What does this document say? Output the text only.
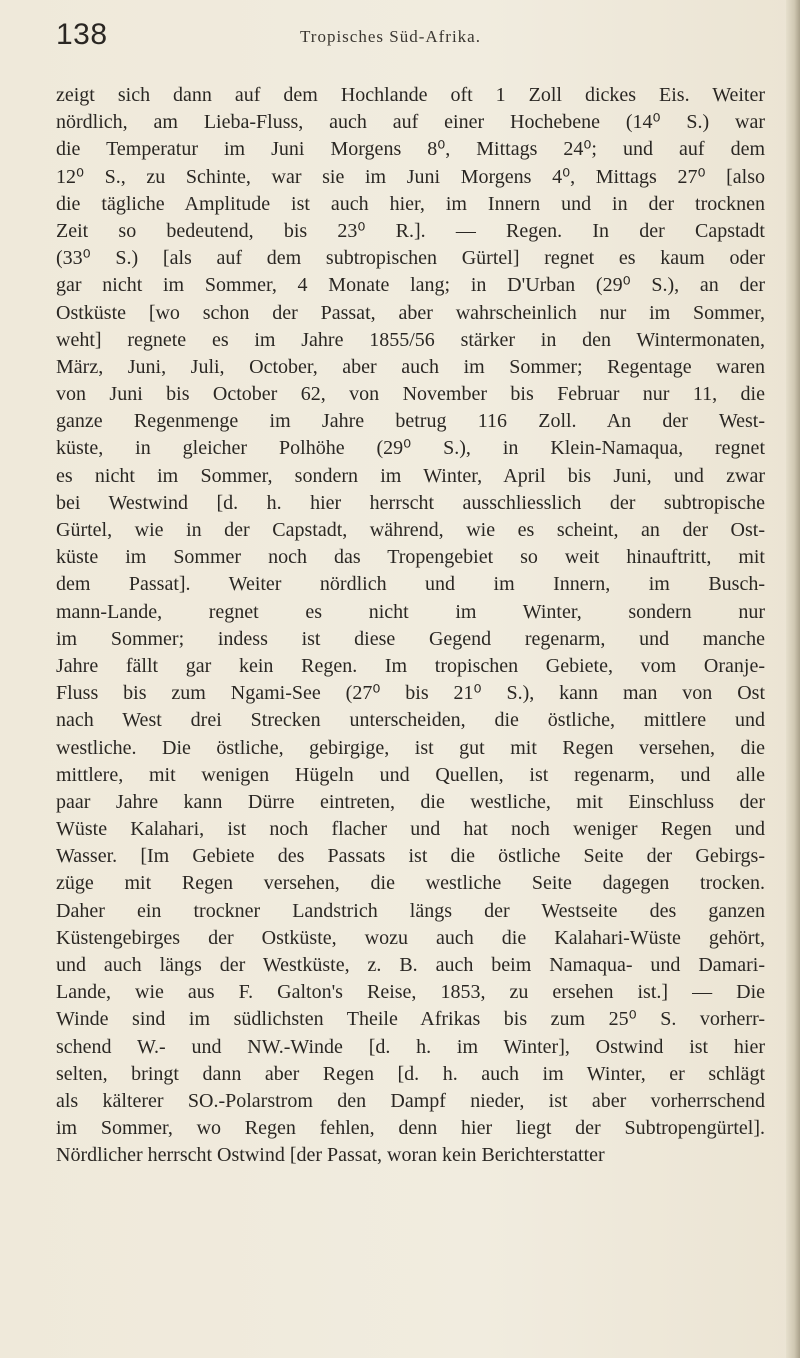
138	Tropisches Süd-Afrika.
zeigt sich dann auf dem Hochlande oft 1 Zoll dickes Eis. Weiter
nördlich, am Lieba-Fluss, auch auf einer Hochebene (14⁰ S.) war
die Temperatur im Juni Morgens 8⁰, Mittags 24⁰; und auf dem
12⁰ S., zu Schinte, war sie im Juni Morgens 4⁰, Mittags 27⁰ [also
die tägliche Amplitude ist auch hier, im Innern und in der trocknen
Zeit so bedeutend, bis 23⁰ R.]. — Regen. In der Capstadt
(33⁰ S.) [als auf dem subtropischen Gürtel] regnet es kaum oder
gar nicht im Sommer, 4 Monate lang; in D'Urban (29⁰ S.), an der
Ostküste [wo schon der Passat, aber wahrscheinlich nur im Sommer,
weht] regnete es im Jahre 1855/56 stärker in den Wintermonaten,
März, Juni, Juli, October, aber auch im Sommer; Regentage waren
von Juni bis October 62, von November bis Februar nur 11, die
ganze Regenmenge im Jahre betrug 116 Zoll. An der West-
küste, in gleicher Polhöhe (29⁰ S.), in Klein-Namaqua, regnet
es nicht im Sommer, sondern im Winter, April bis Juni, und zwar
bei Westwind [d. h. hier herrscht ausschliesslich der subtropische
Gürtel, wie in der Capstadt, während, wie es scheint, an der Ost-
küste im Sommer noch das Tropengebiet so weit hinauftritt, mit
dem Passat]. Weiter nördlich und im Innern, im Busch-
mann-Lande, regnet es nicht im Winter, sondern nur
im Sommer; indess ist diese Gegend regenarm, und manche
Jahre fällt gar kein Regen. Im tropischen Gebiete, vom Oranje-
Fluss bis zum Ngami-See (27⁰ bis 21⁰ S.), kann man von Ost
nach West drei Strecken unterscheiden, die östliche, mittlere und
westliche. Die östliche, gebirgige, ist gut mit Regen versehen, die
mittlere, mit wenigen Hügeln und Quellen, ist regenarm, und alle
paar Jahre kann Dürre eintreten, die westliche, mit Einschluss der
Wüste Kalahari, ist noch flacher und hat noch weniger Regen und
Wasser. [Im Gebiete des Passats ist die östliche Seite der Gebirgs-
züge mit Regen versehen, die westliche Seite dagegen trocken.
Daher ein trockner Landstrich längs der Westseite des ganzen
Küstengebirges der Ostküste, wozu auch die Kalahari-Wüste gehört,
und auch längs der Westküste, z. B. auch beim Namaqua- und Damari-
Lande, wie aus F. Galton's Reise, 1853, zu ersehen ist.] — Die
Winde sind im südlichsten Theile Afrikas bis zum 25⁰ S. vorherr-
schend W.- und NW.-Winde [d. h. im Winter], Ostwind ist hier
selten, bringt dann aber Regen [d. h. auch im Winter, er schlägt
als kälterer SO.-Polarstrom den Dampf nieder, ist aber vorherrschend
im Sommer, wo Regen fehlen, denn hier liegt der Subtropengürtel].
Nördlicher herrscht Ostwind [der Passat, woran kein Berichterstatter
